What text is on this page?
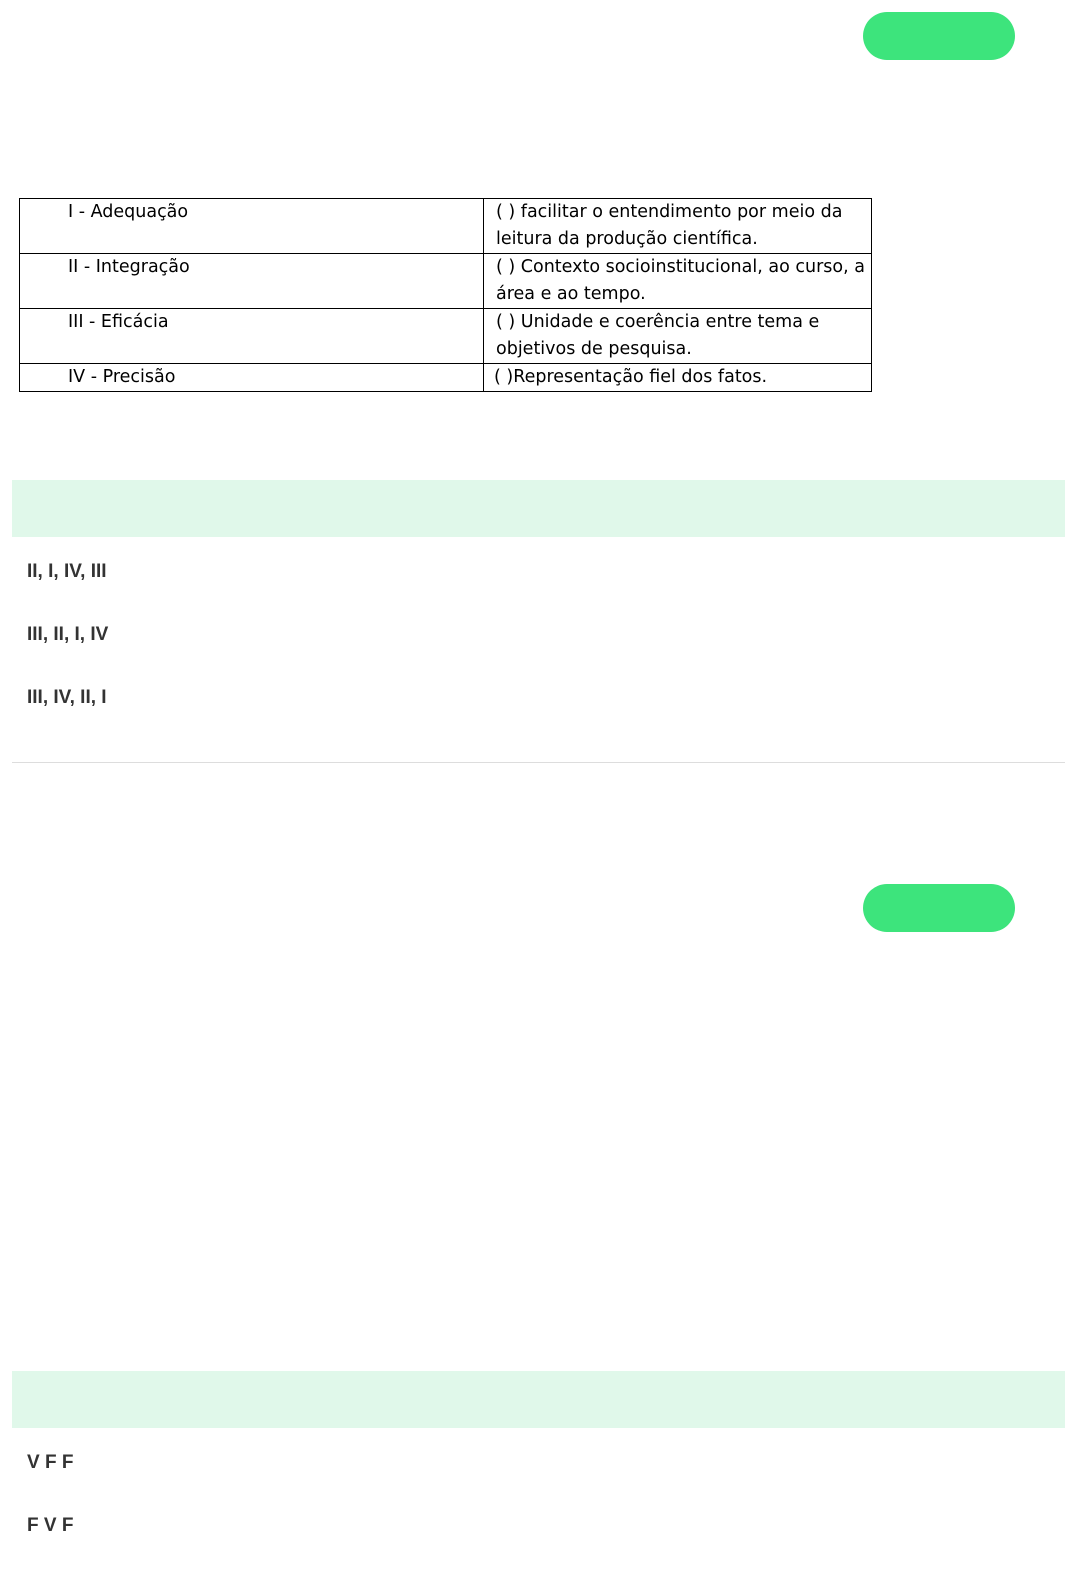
I - Adequação	( ) facilitar o entendimento por meio da leitura da produção científica.
II - Integração	( ) Contexto socioinstitucional, ao curso, a área e ao tempo.
III - Eficácia	( ) Unidade e coerência entre tema e objetivos de pesquisa.
IV - Precisão	( )Representação fiel dos fatos.
II, I, IV, III
III, II, I, IV
III, IV, II, I
V F F
F V F
